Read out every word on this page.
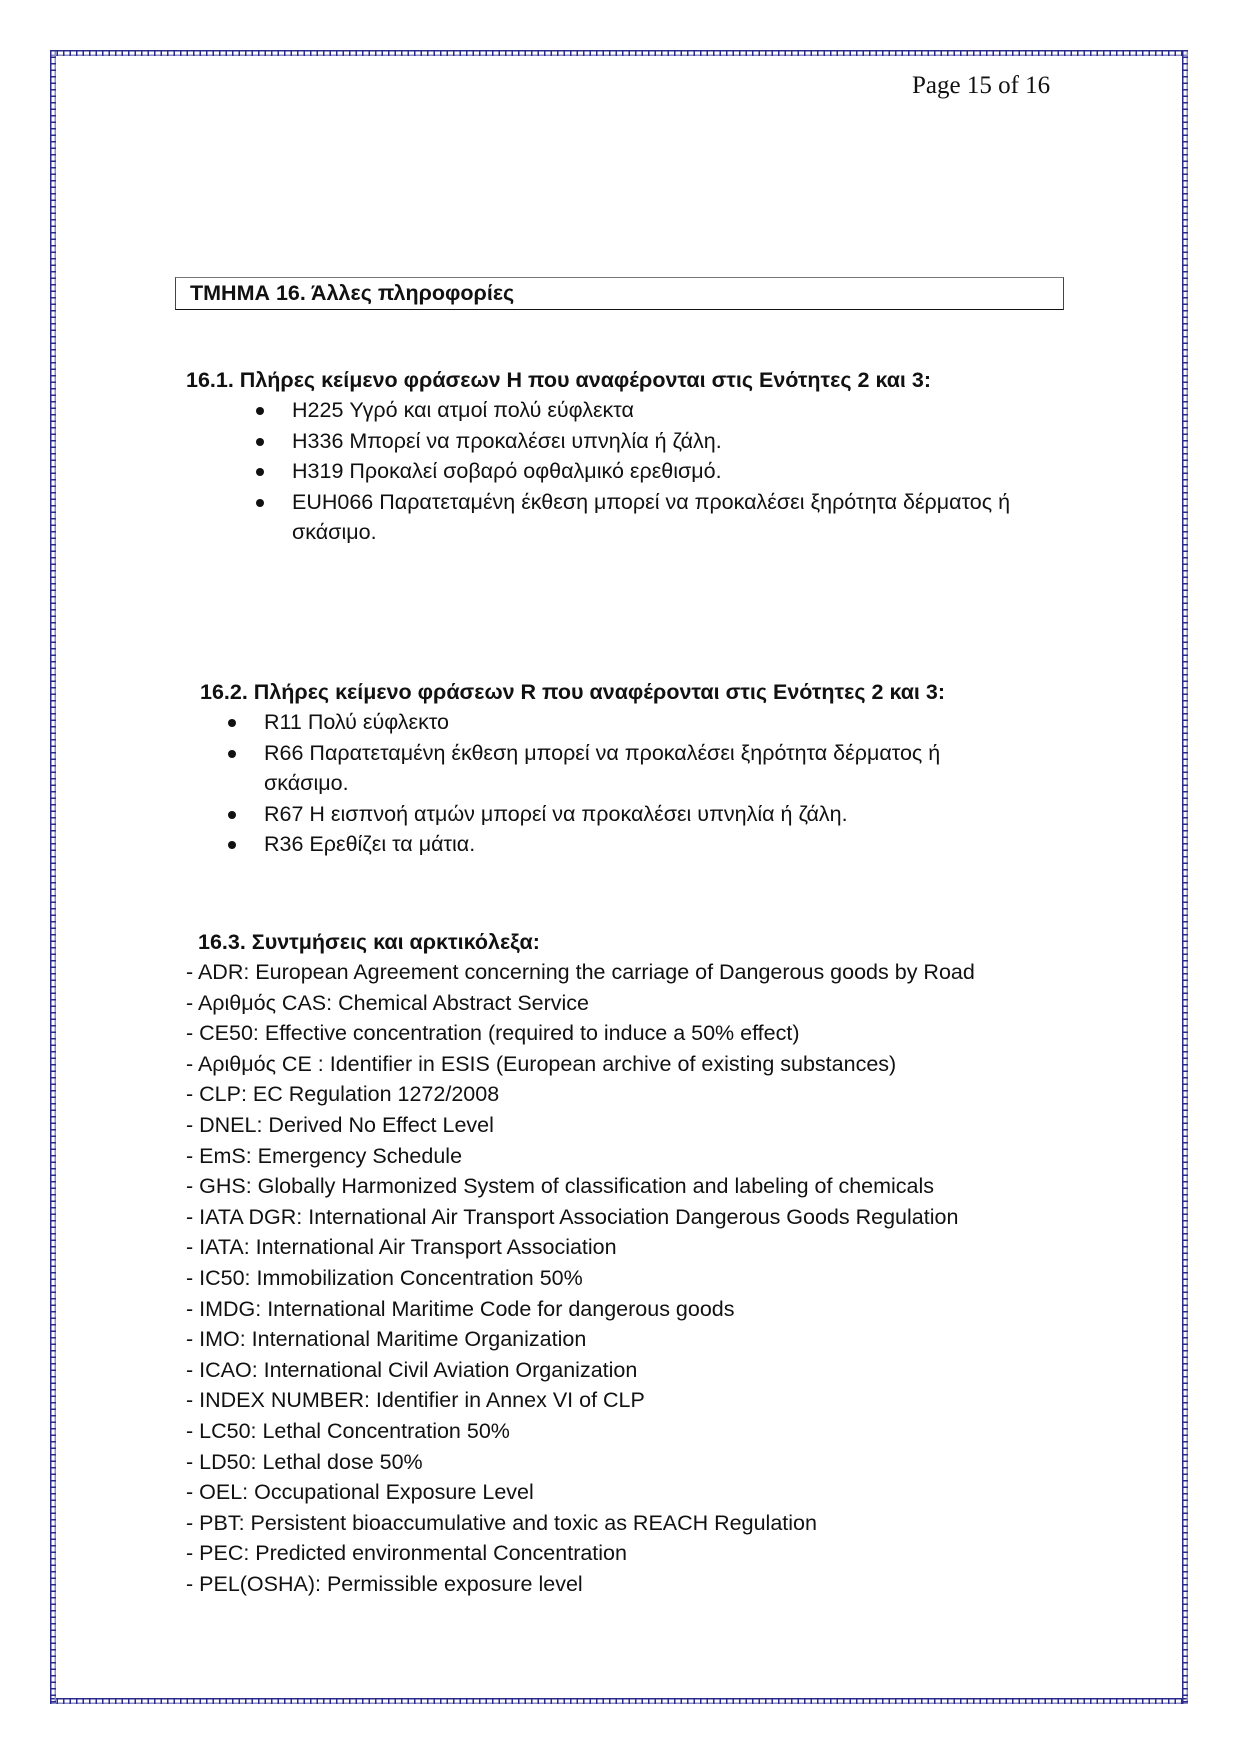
Page 15 of 16
ΤΜΗΜΑ 16. Άλλες πληροφορίες
16.1. Πλήρες κείμενο φράσεων H που αναφέρονται στις Ενότητες 2 και 3:
H225 Υγρό και ατμοί πολύ εύφλεκτα
H336 Μπορεί να προκαλέσει υπνηλία ή ζάλη.
H319 Προκαλεί σοβαρό οφθαλμικό ερεθισμό.
EUH066 Παρατεταμένη έκθεση μπορεί να προκαλέσει ξηρότητα δέρματος ή σκάσιμο.
16.2. Πλήρες κείμενο φράσεων R που αναφέρονται στις Ενότητες 2 και 3:
R11 Πολύ εύφλεκτο
R66 Παρατεταμένη έκθεση μπορεί να προκαλέσει ξηρότητα δέρματος ή σκάσιμο.
R67 Η εισπνοή ατμών μπορεί να προκαλέσει υπνηλία ή ζάλη.
R36 Ερεθίζει τα μάτια.
16.3. Συντμήσεις και αρκτικόλεξα:
- ADR: European Agreement concerning the carriage of Dangerous goods by Road
- Αριθμός CAS: Chemical Abstract Service
- CE50: Effective concentration (required to induce a 50% effect)
- Αριθμός CE : Identifier in ESIS (European archive of existing substances)
- CLP: EC Regulation 1272/2008
- DNEL: Derived No Effect Level
- EmS: Emergency Schedule
- GHS: Globally Harmonized System of classification and labeling of chemicals
- IATA DGR: International Air Transport Association Dangerous Goods Regulation
- IATA: International Air Transport Association
- IC50: Immobilization Concentration 50%
- IMDG: International Maritime Code for dangerous goods
- IMO: International Maritime Organization
- ICAO: International Civil Aviation Organization
- INDEX NUMBER: Identifier in Annex VI of CLP
- LC50: Lethal Concentration 50%
- LD50: Lethal dose 50%
- OEL: Occupational Exposure Level
- PBT: Persistent bioaccumulative and toxic as REACH Regulation
- PEC: Predicted environmental Concentration
- PEL(OSHA): Permissible exposure level
